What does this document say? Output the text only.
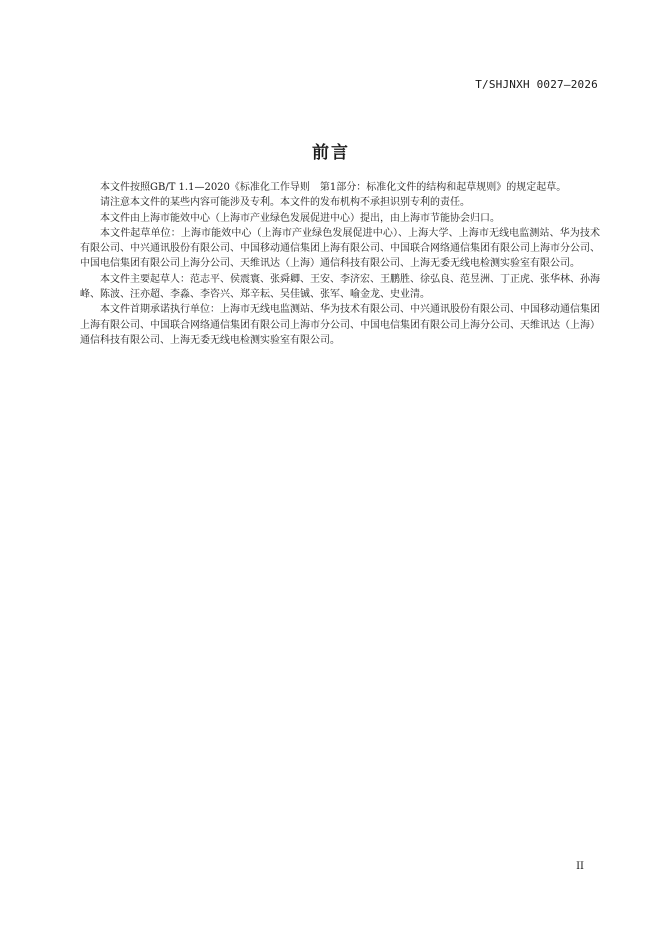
T/SHJNXH 0027—2026
前言

本文件按照GB/T 1.1—2020《标准化工作导则　第1部分：标准化文件的结构和起草规则》的规定起草。

请注意本文件的某些内容可能涉及专利。本文件的发布机构不承担识别专利的责任。

本文件由上海市能效中心（上海市产业绿色发展促进中心）提出，由上海市节能协会归口。

本文件起草单位：上海市能效中心（上海市产业绿色发展促进中心）、上海大学、上海市无线电监测站、华为技术有限公司、中兴通讯股份有限公司、中国移动通信集团上海有限公司、中国联合网络通信集团有限公司上海市分公司、中国电信集团有限公司上海分公司、天维讯达（上海）通信科技有限公司、上海无委无线电检测实验室有限公司。

本文件主要起草人：范志平、侯震寰、张舜卿、王安、李济宏、王鹏胜、徐弘良、范昱洲、丁正虎、张华林、孙海峰、陈波、汪亦超、李淼、李咨兴、郑辛耘、吴佳铖、张军、喻金龙、史业清。

本文件首期承诺执行单位：上海市无线电监测站、华为技术有限公司、中兴通讯股份有限公司、中国移动通信集团上海有限公司、中国联合网络通信集团有限公司上海市分公司、中国电信集团有限公司上海分公司、天维讯达（上海）通信科技有限公司、上海无委无线电检测实验室有限公司。

II
